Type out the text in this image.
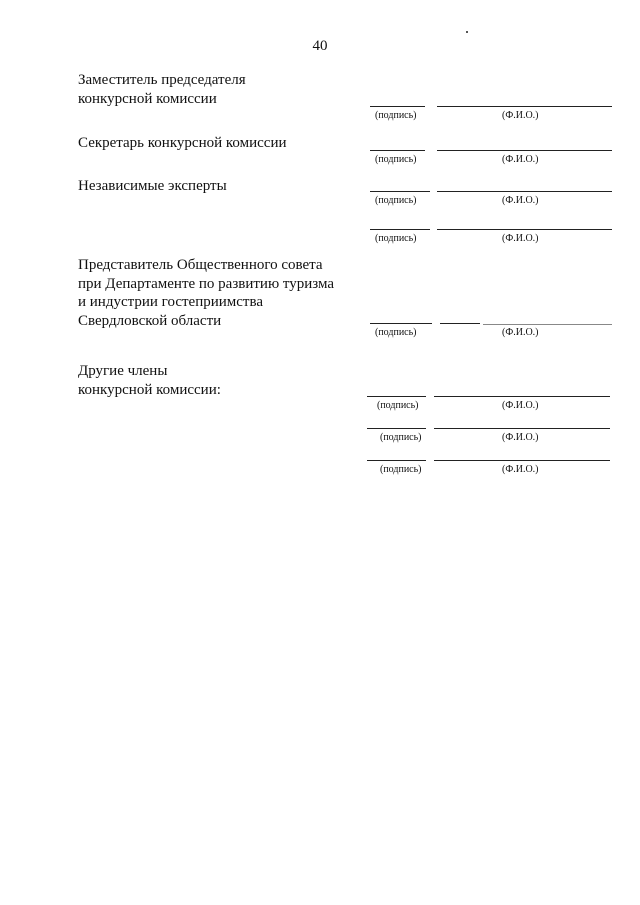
40
Заместитель председателя
конкурсной комиссии
(подпись)	(Ф.И.О.)
Секретарь конкурсной комиссии
(подпись)	(Ф.И.О.)
Независимые эксперты
(подпись)	(Ф.И.О.)
(подпись)	(Ф.И.О.)
Представитель Общественного совета
при Департаменте по развитию туризма
и индустрии гостеприимства
Свердловской области
(подпись)	(Ф.И.О.)
Другие члены
конкурсной комиссии:
(подпись)	(Ф.И.О.)
(подпись)	(Ф.И.О.)
(подпись)	(Ф.И.О.)
